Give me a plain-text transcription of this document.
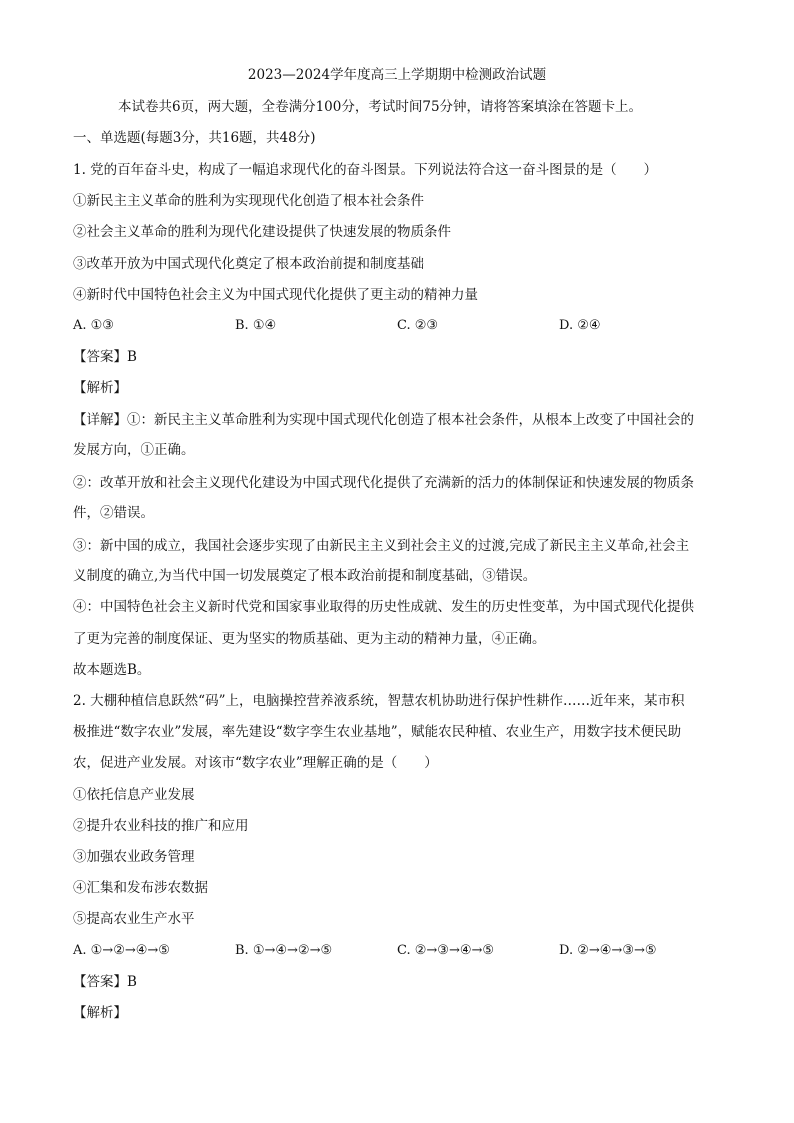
2023—2024学年度高三上学期期中检测政治试题
本试卷共6页，两大题，全卷满分100分，考试时间75分钟，请将答案填涂在答题卡上。
一、单选题(每题3分，共16题，共48分)
1. 党的百年奋斗史，构成了一幅追求现代化的奋斗图景。下列说法符合这一奋斗图景的是（　　）
①新民主主义革命的胜利为实现现代化创造了根本社会条件
②社会主义革命的胜利为现代化建设提供了快速发展的物质条件
③改革开放为中国式现代化奠定了根本政治前提和制度基础
④新时代中国特色社会主义为中国式现代化提供了更主动的精神力量
A. ①③	B. ①④	C. ②③	D. ②④
【答案】B
【解析】
【详解】①：新民主主义革命胜利为实现中国式现代化创造了根本社会条件，从根本上改变了中国社会的
发展方向，①正确。
②：改革开放和社会主义现代化建设为中国式现代化提供了充满新的活力的体制保证和快速发展的物质条
件，②错误。
③：新中国的成立，我国社会逐步实现了由新民主主义到社会主义的过渡,完成了新民主主义革命,社会主
义制度的确立,为当代中国一切发展奠定了根本政治前提和制度基础，③错误。
④：中国特色社会主义新时代党和国家事业取得的历史性成就、发生的历史性变革，为中国式现代化提供
了更为完善的制度保证、更为坚实的物质基础、更为主动的精神力量，④正确。
故本题选B。
2. 大棚种植信息跃然“码”上，电脑操控营养液系统，智慧农机协助进行保护性耕作……近年来，某市积
极推进“数字农业”发展，率先建设“数字孪生农业基地”，赋能农民种植、农业生产，用数字技术便民助
农，促进产业发展。对该市“数字农业”理解正确的是（　　）
①依托信息产业发展
②提升农业科技的推广和应用
③加强农业政务管理
④汇集和发布涉农数据
⑤提高农业生产水平
A. ①→②→④→⑤	B. ①→④→②→⑤	C. ②→③→④→⑤	D. ②→④→③→⑤
【答案】B
【解析】
